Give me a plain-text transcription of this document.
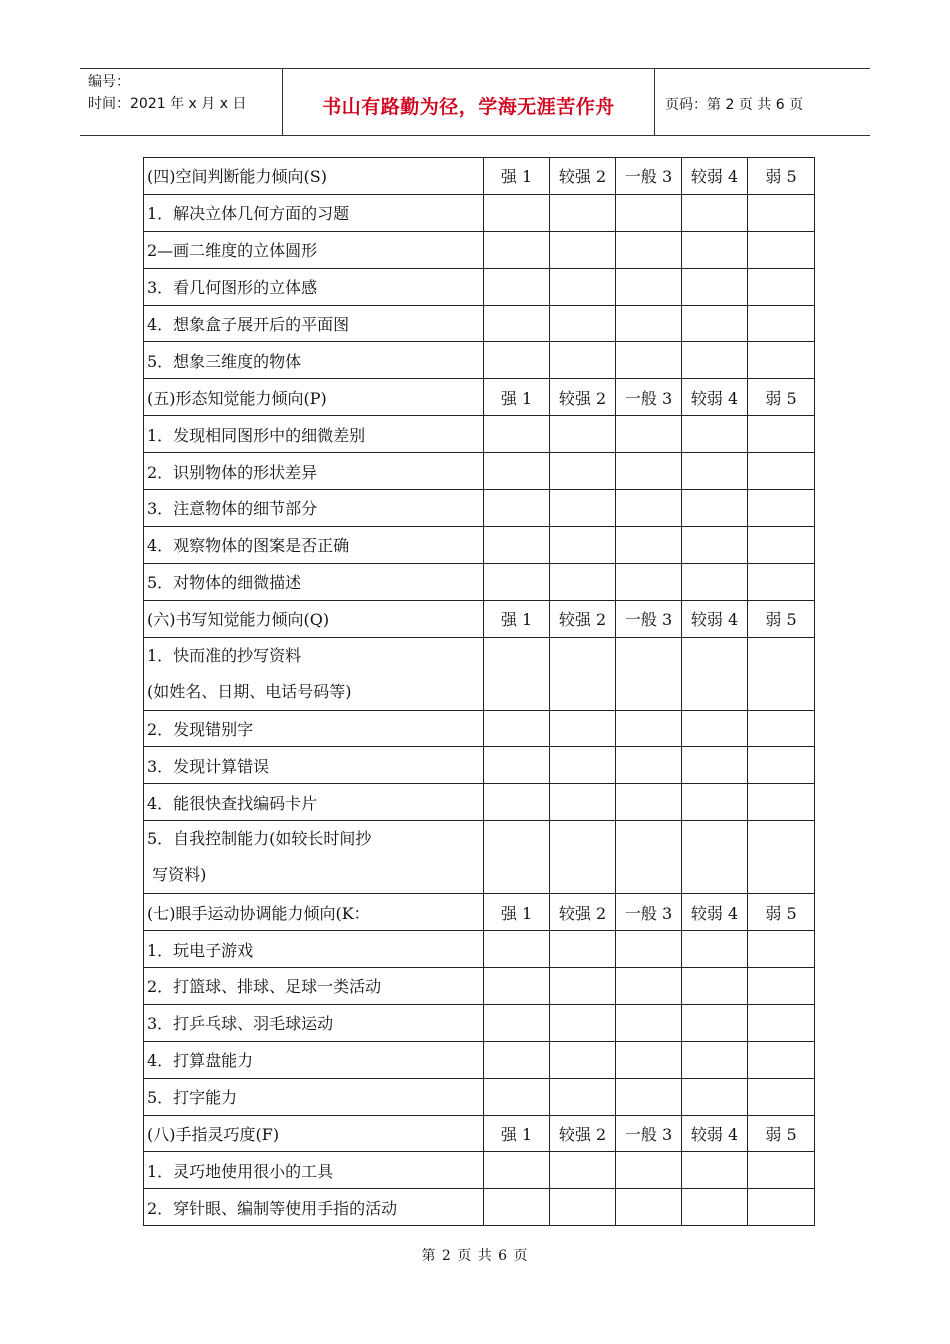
编号：
时间：2021 年 x 月 x 日	书山有路勤为径，学海无涯苦作舟	页码：第 2 页 共 6 页
(四)空间判断能力倾向(S)	强 1	较强 2	一般 3	较弱 4	弱 5
1．解决立体几何方面的习题					
2—画二维度的立体圆形					
3．看几何图形的立体感					
4．想象盒子展开后的平面图					
5．想象三维度的物体					
(五)形态知觉能力倾向(P)	强 1	较强 2	一般 3	较弱 4	弱 5
1．发现相同图形中的细微差别					
2．识别物体的形状差异					
3．注意物体的细节部分					
4．观察物体的图案是否正确					
5．对物体的细微描述					
(六)书写知觉能力倾向(Q)	强 1	较强 2	一般 3	较弱 4	弱 5

1．快而准的抄写资料
(如姓名、日期、电话号码等)					

2．发现错别字					
3．发现计算错误					
4．能很快查找编码卡片					

5．自我控制能力(如较长时间抄
写资料)					

(七)眼手运动协调能力倾向(K：	强 1	较强 2	一般 3	较弱 4	弱 5
1．玩电子游戏					
2．打篮球、排球、足球一类活动					
3．打乒乓球、羽毛球运动					
4．打算盘能力					
5．打字能力					
(八)手指灵巧度(F)	强 1	较强 2	一般 3	较弱 4	弱 5
1．灵巧地使用很小的工具					
2．穿针眼、编制等使用手指的活动					
第 2 页 共 6 页
